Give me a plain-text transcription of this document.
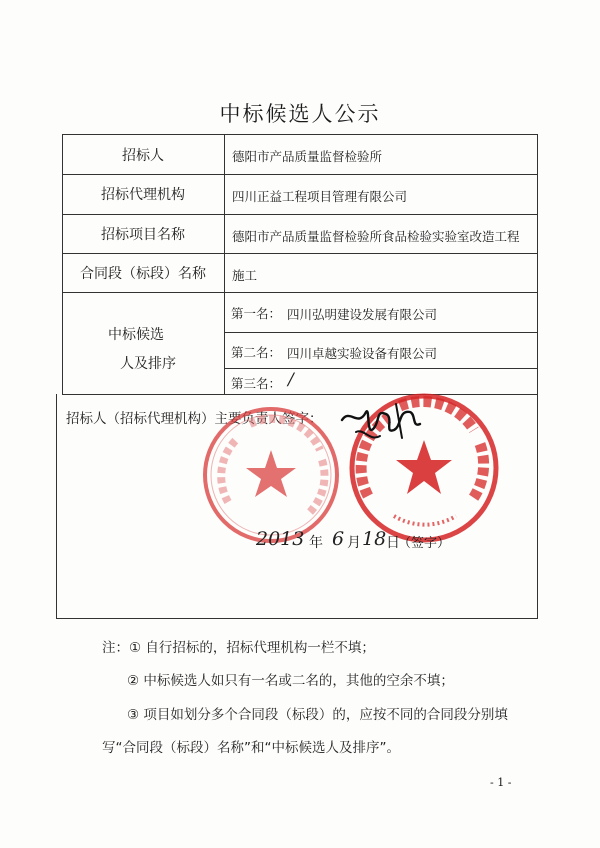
中标候选人公示
招标人	德阳市产品质量监督检验所
招标代理机构	四川正益工程项目管理有限公司
招标项目名称	德阳市产品质量监督检验所食品检验实验室改造工程
合同段（标段）名称	施工
中标候选
人及排序
第一名： 四川弘明建设发展有限公司
第二名： 四川卓越实验设备有限公司
第三名： /
招标人（招标代理机构）主要负责人签字：
2013 年 6 月 18 日
（签字）
注：① 自行招标的，招标代理机构一栏不填；
② 中标候选人如只有一名或二名的，其他的空余不填；
③ 项目如划分多个合同段（标段）的，应按不同的合同段分别填
写“合同段（标段）名称”和“中标候选人及排序”。
- 1 -
